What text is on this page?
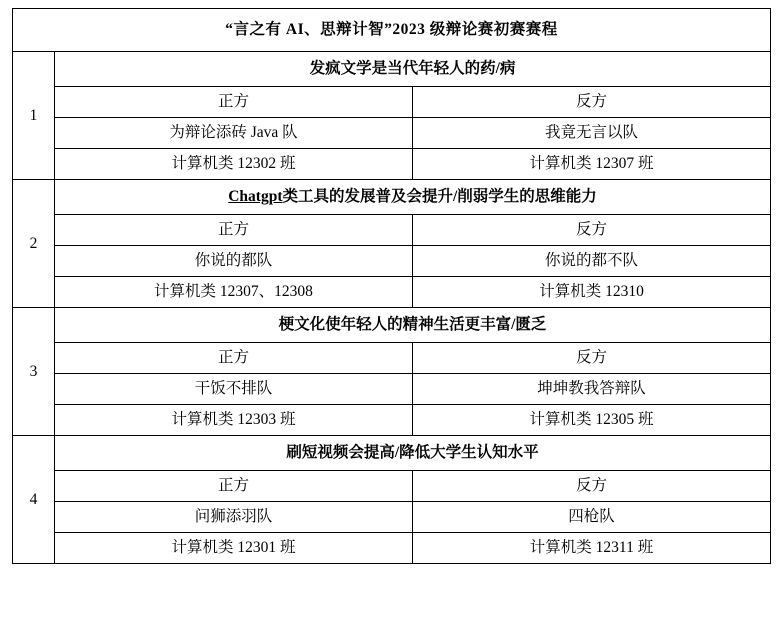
“言之有 AI、思辩计智”2023 级辩论赛初赛赛程		
1	发疯文学是当代年轻人的药/病	
	正方	反方
	为辩论添砖 Java 队	我竟无言以队
	计算机类 12302 班	计算机类 12307 班
2	Chatgpt类工具的发展普及会提升/削弱学生的思维能力	
	正方	反方
	你说的都队	你说的都不队
	计算机类 12307、12308	计算机类 12310
3	梗文化使年轻人的精神生活更丰富/匮乏	
	正方	反方
	干饭不排队	坤坤教我答辩队
	计算机类 12303 班	计算机类 12305 班
4	刷短视频会提高/降低大学生认知水平	
	正方	反方
	问狮添羽队	四枪队
	计算机类 12301 班	计算机类 12311 班
